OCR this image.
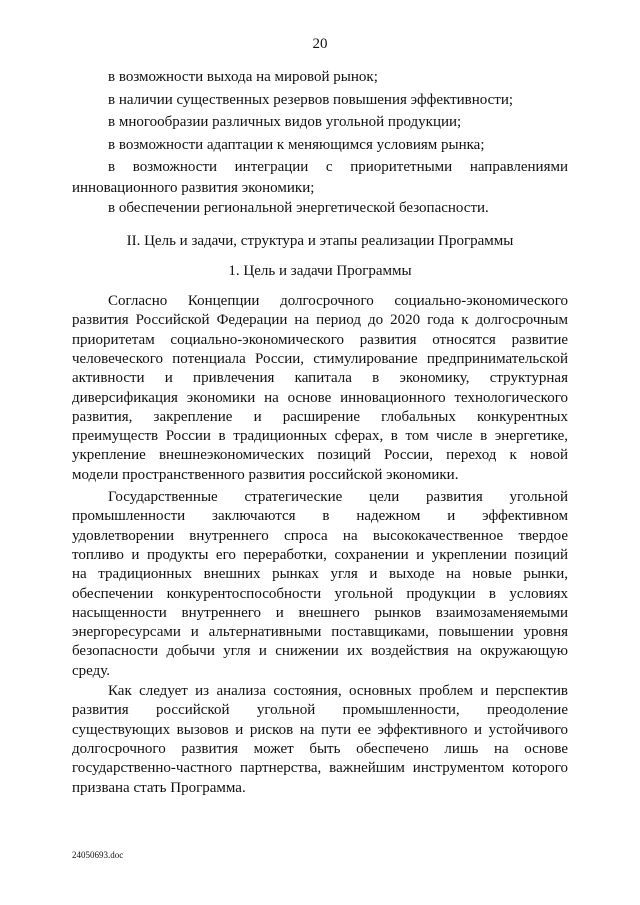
20
в возможности выхода на мировой рынок;
в наличии существенных резервов повышения эффективности;
в многообразии различных видов угольной продукции;
в возможности адаптации к меняющимся условиям рынка;
в возможности интеграции с приоритетными направлениями
инновационного развития экономики;
в обеспечении региональной энергетической безопасности.
II. Цель и задачи, структура и этапы реализации Программы
1. Цель и задачи Программы
Согласно Концепции долгосрочного социально-экономического
развития Российской Федерации на период до 2020 года к долгосрочным
приоритетам социально-экономического развития относятся развитие
человеческого потенциала России, стимулирование предпринимательской
активности и привлечения капитала в экономику, структурная
диверсификация экономики на основе инновационного технологического
развития, закрепление и расширение глобальных конкурентных
преимуществ России в традиционных сферах, в том числе в энергетике,
укрепление внешнеэкономических позиций России, переход к новой
модели пространственного развития российской экономики.
Государственные стратегические цели развития угольной
промышленности заключаются в надежном и эффективном
удовлетворении внутреннего спроса на высококачественное твердое
топливо и продукты его переработки, сохранении и укреплении позиций
на традиционных внешних рынках угля и выходе на новые рынки,
обеспечении конкурентоспособности угольной продукции в условиях
насыщенности внутреннего и внешнего рынков взаимозаменяемыми
энергоресурсами и альтернативными поставщиками, повышении уровня
безопасности добычи угля и снижении их воздействия на окружающую
среду.
Как следует из анализа состояния, основных проблем и перспектив
развития российской угольной промышленности, преодоление
существующих вызовов и рисков на пути ее эффективного и устойчивого
долгосрочного развития может быть обеспечено лишь на основе
государственно-частного партнерства, важнейшим инструментом которого
призвана стать Программа.
24050693.doc
